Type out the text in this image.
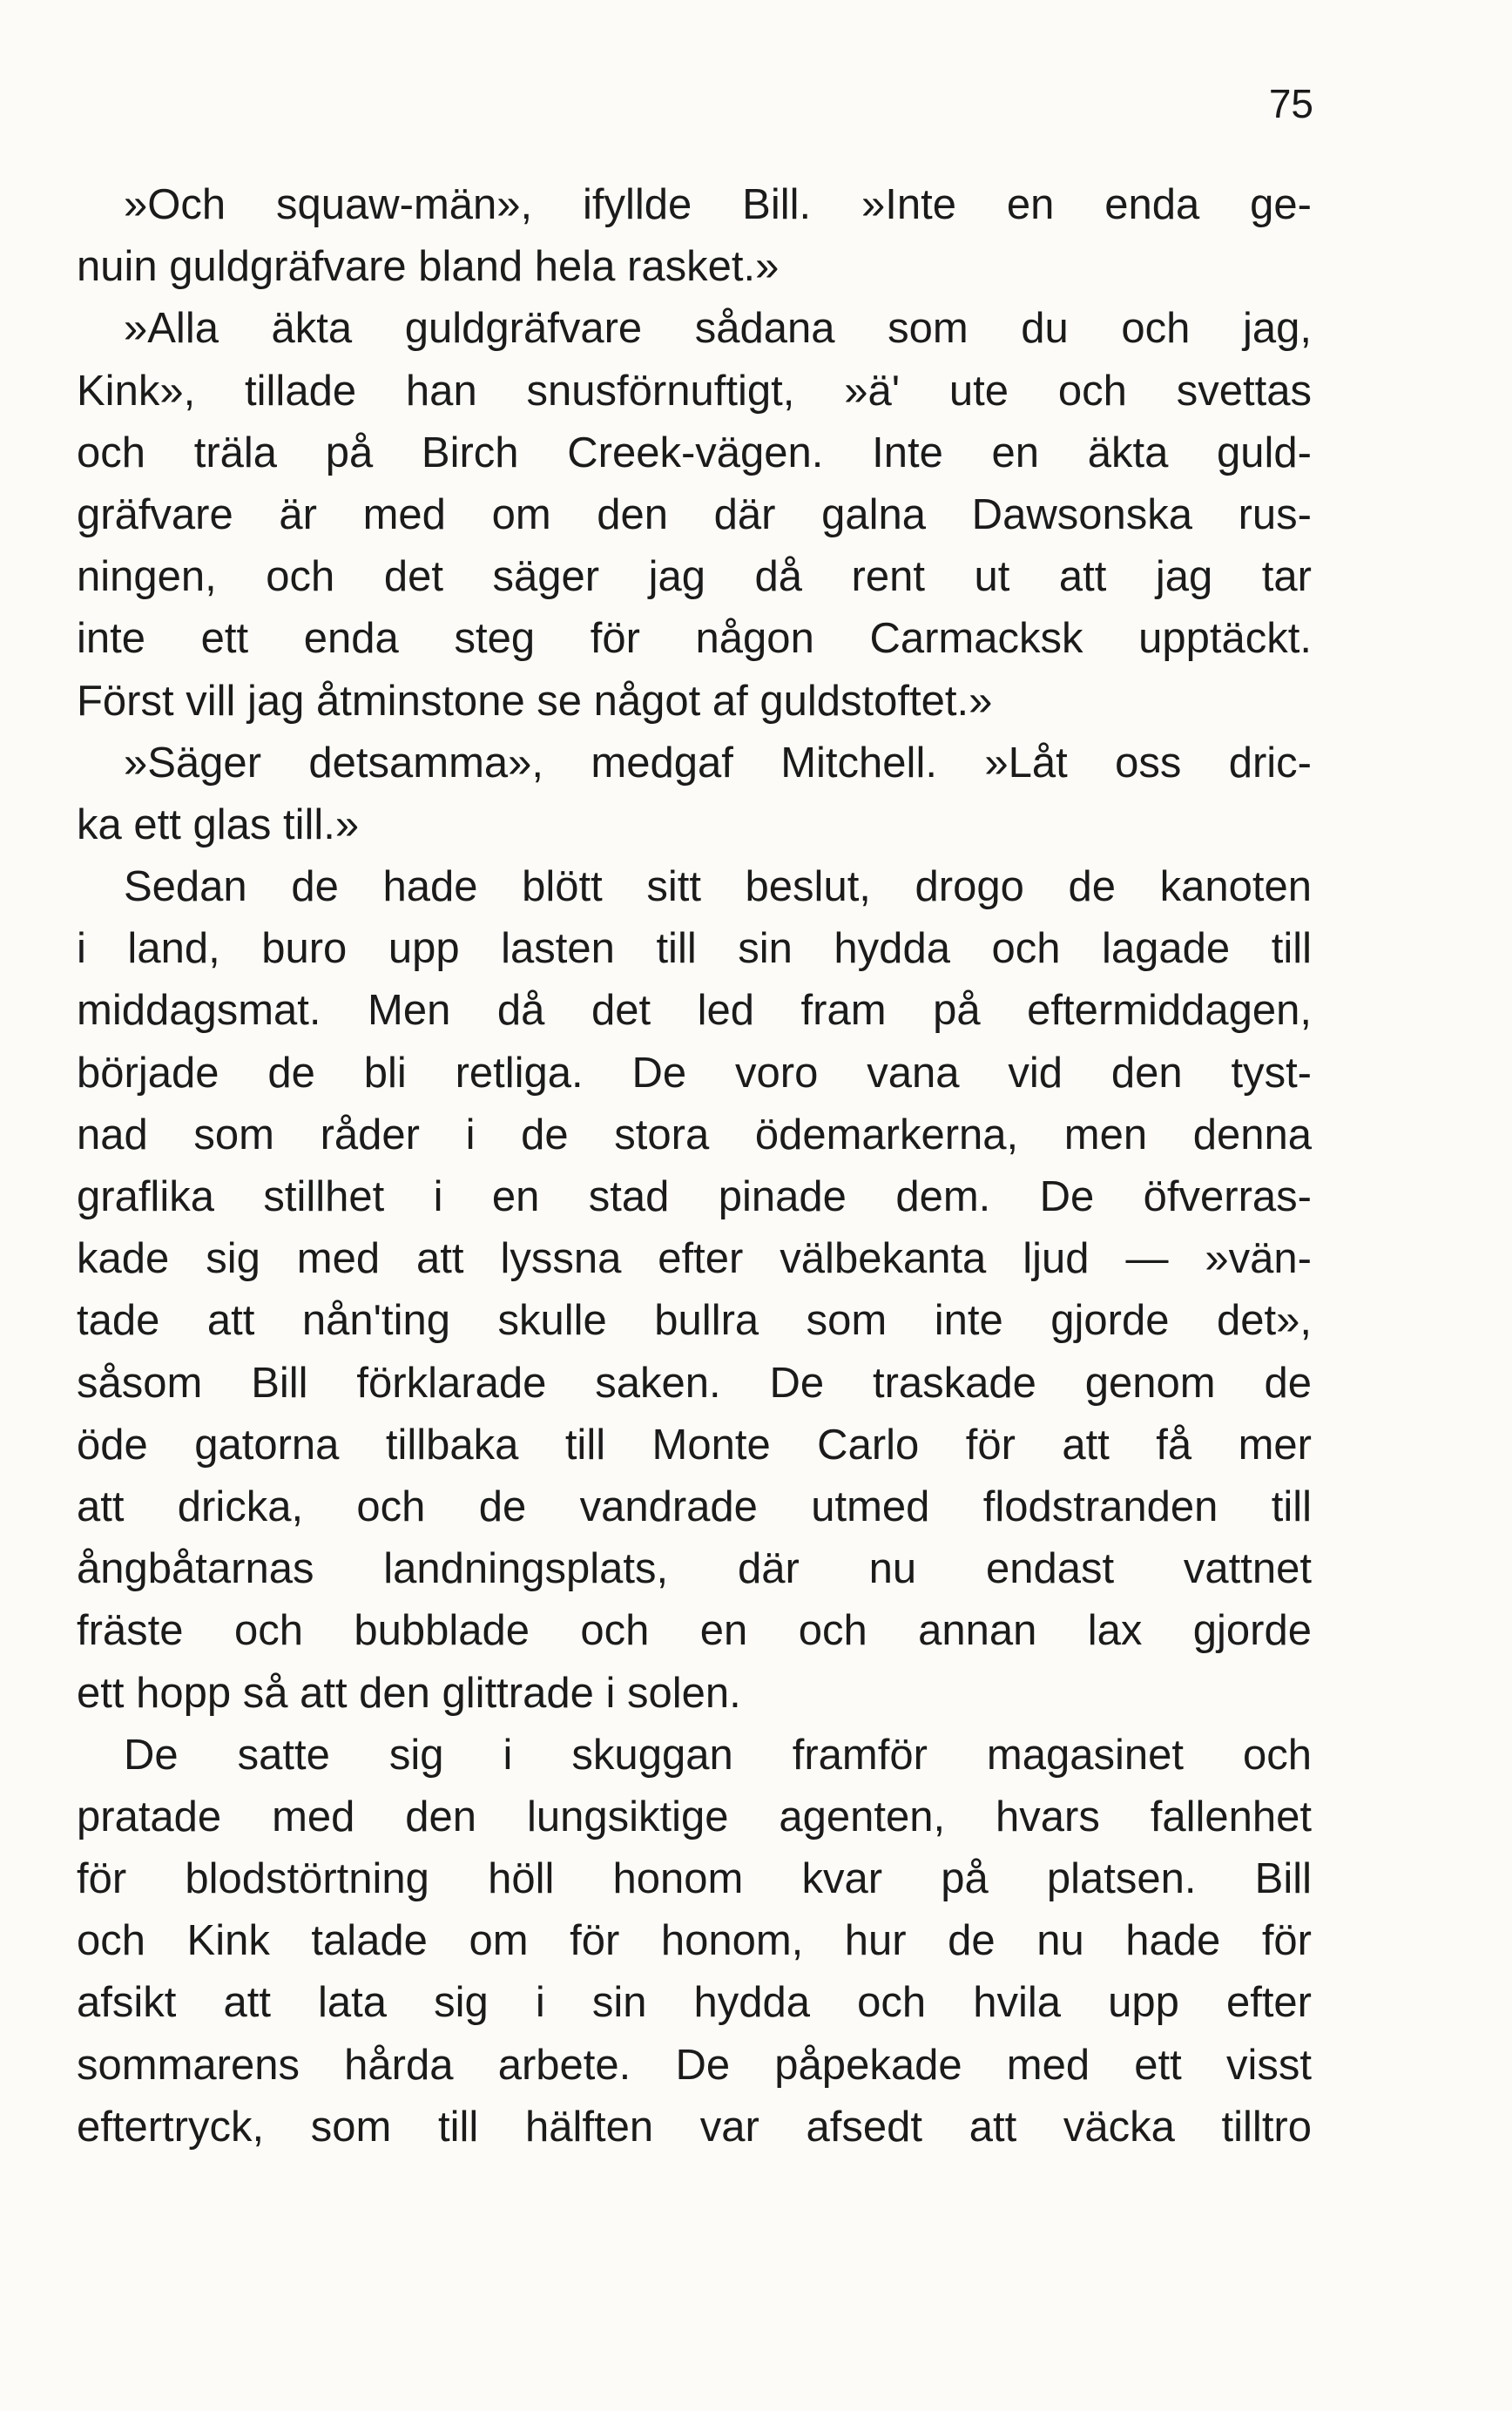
75
»Och squaw-män», ifyllde Bill. »Inte en enda ge-
nuin guldgräfvare bland hela rasket.»
»Alla äkta guldgräfvare sådana som du och jag,
Kink», tillade han snusförnuftigt, »ä' ute och svettas
och träla på Birch Creek-vägen. Inte en äkta guld-
gräfvare är med om den där galna Dawsonska rus-
ningen, och det säger jag då rent ut att jag tar
inte ett enda steg för någon Carmacksk upptäckt.
Först vill jag åtminstone se något af guldstoftet.»
»Säger detsamma», medgaf Mitchell. »Låt oss dric-
ka ett glas till.»
Sedan de hade blött sitt beslut, drogo de kanoten
i land, buro upp lasten till sin hydda och lagade till
middagsmat. Men då det led fram på eftermiddagen,
började de bli retliga. De voro vana vid den tyst-
nad som råder i de stora ödemarkerna, men denna
graflika stillhet i en stad pinade dem. De öfverras-
kade sig med att lyssna efter välbekanta ljud — »vän-
tade att nån'ting skulle bullra som inte gjorde det»,
såsom Bill förklarade saken. De traskade genom de
öde gatorna tillbaka till Monte Carlo för att få mer
att dricka, och de vandrade utmed flodstranden till
ångbåtarnas landningsplats, där nu endast vattnet
fräste och bubblade och en och annan lax gjorde
ett hopp så att den glittrade i solen.
De satte sig i skuggan framför magasinet och
pratade med den lungsiktige agenten, hvars fallenhet
för blodstörtning höll honom kvar på platsen. Bill
och Kink talade om för honom, hur de nu hade för
afsikt att lata sig i sin hydda och hvila upp efter
sommarens hårda arbete. De påpekade med ett visst
eftertryck, som till hälften var afsedt att väcka tilltro
